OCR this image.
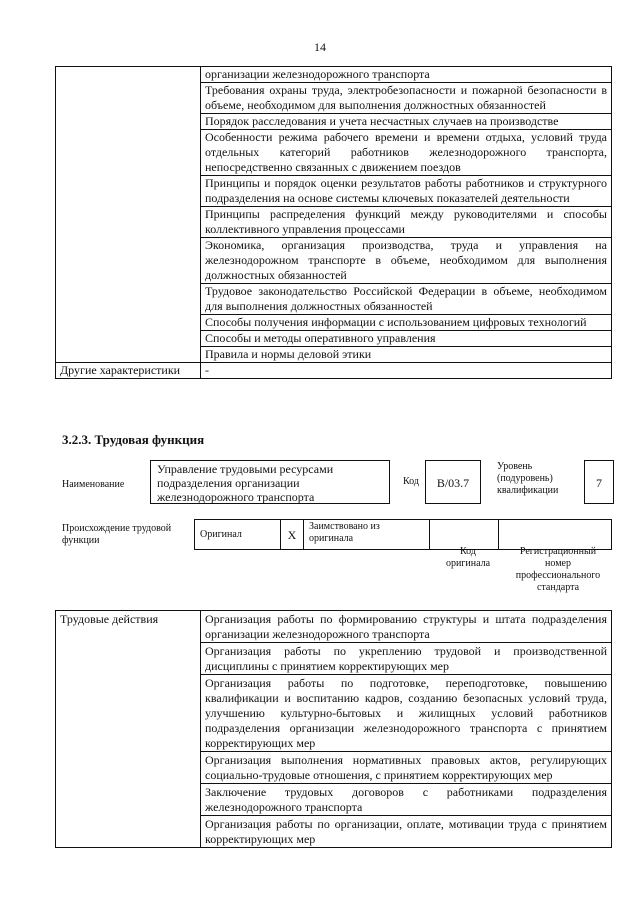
14
	организации железнодорожного транспорта
	Требования охраны труда, электробезопасности и пожарной безопасности в объеме, необходимом для выполнения должностных обязанностей
	Порядок расследования и учета несчастных случаев на производстве
	Особенности режима рабочего времени и времени отдыха, условий труда отдельных категорий работников железнодорожного транспорта, непосредственно связанных с движением поездов
	Принципы и порядок оценки результатов работы работников и структурного подразделения на основе системы ключевых показателей деятельности
	Принципы распределения функций между руководителями и способы коллективного управления процессами
	Экономика, организация производства, труда и управления на железнодорожном транспорте в объеме, необходимом для выполнения должностных обязанностей
	Трудовое законодательство Российской Федерации в объеме, необходимом для выполнения должностных обязанностей
	Способы получения информации с использованием цифровых технологий
	Способы и методы оперативного управления
	Правила и нормы деловой этики
Другие характеристики	-
3.2.3. Трудовая функция
Наименование
Управление трудовыми ресурсами подразделения организации железнодорожного транспорта
Код	B/03.7
Уровень (подуровень) квалификации
7
Происхождение трудовой функции
Оригинал	X	Заимствовано из оригинала		
Код оригинала
Регистрационный номер профессионального стандарта
Трудовые действия	Организация работы по формированию структуры и штата подразделения организации железнодорожного транспорта
Организация работы по укреплению трудовой и производственной дисциплины с принятием корректирующих мер
Организация работы по подготовке, переподготовке, повышению квалификации и воспитанию кадров, созданию безопасных условий труда, улучшению культурно-бытовых и жилищных условий работников подразделения организации железнодорожного транспорта с принятием корректирующих мер
Организация выполнения нормативных правовых актов, регулирующих социально-трудовые отношения, с принятием корректирующих мер
Заключение трудовых договоров с работниками подразделения железнодорожного транспорта
Организация работы по организации, оплате, мотивации труда с принятием корректирующих мер
